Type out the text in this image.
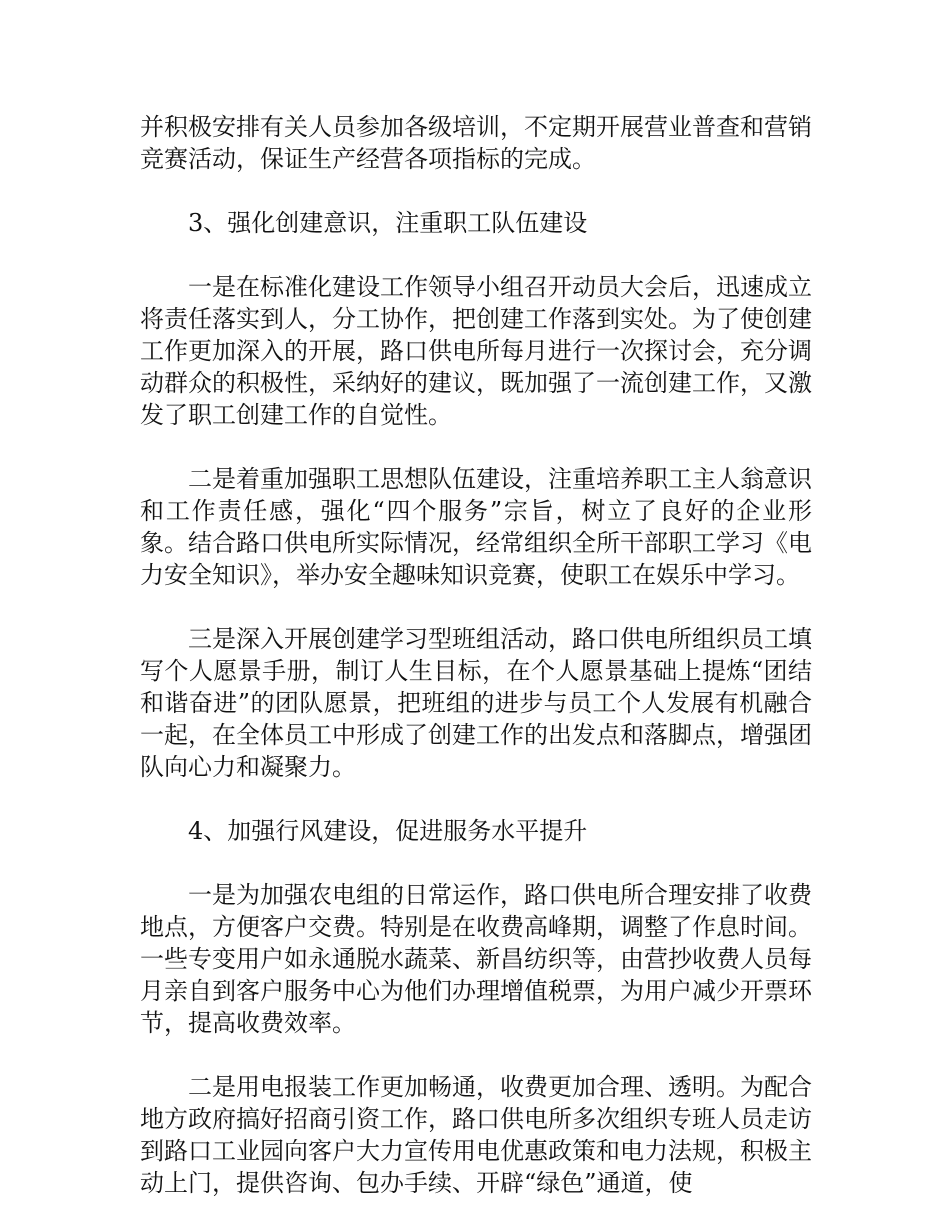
并积极安排有关人员参加各级培训，不定期开展营业普查和营销竞赛活动，保证生产经营各项指标的完成。

3、强化创建意识，注重职工队伍建设

一是在标准化建设工作领导小组召开动员大会后，迅速成立将责任落实到人，分工协作，把创建工作落到实处。为了使创建工作更加深入的开展，路口供电所每月进行一次探讨会，充分调动群众的积极性，采纳好的建议，既加强了一流创建工作，又激发了职工创建工作的自觉性。

二是着重加强职工思想队伍建设，注重培养职工主人翁意识和工作责任感，强化“四个服务”宗旨，树立了良好的企业形象。结合路口供电所实际情况，经常组织全所干部职工学习《电力安全知识》，举办安全趣味知识竞赛，使职工在娱乐中学习。

三是深入开展创建学习型班组活动，路口供电所组织员工填写个人愿景手册，制订人生目标，在个人愿景基础上提炼“团结和谐奋进”的团队愿景，把班组的进步与员工个人发展有机融合一起，在全体员工中形成了创建工作的出发点和落脚点，增强团队向心力和凝聚力。

4、加强行风建设，促进服务水平提升

一是为加强农电组的日常运作，路口供电所合理安排了收费地点，方便客户交费。特别是在收费高峰期，调整了作息时间。一些专变用户如永通脱水蔬菜、新昌纺织等，由营抄收费人员每月亲自到客户服务中心为他们办理增值税票，为用户减少开票环节，提高收费效率。

二是用电报装工作更加畅通，收费更加合理、透明。为配合地方政府搞好招商引资工作，路口供电所多次组织专班人员走访到路口工业园向客户大力宣传用电优惠政策和电力法规，积极主动上门，提供咨询、包办手续、开辟“绿色”通道，使
